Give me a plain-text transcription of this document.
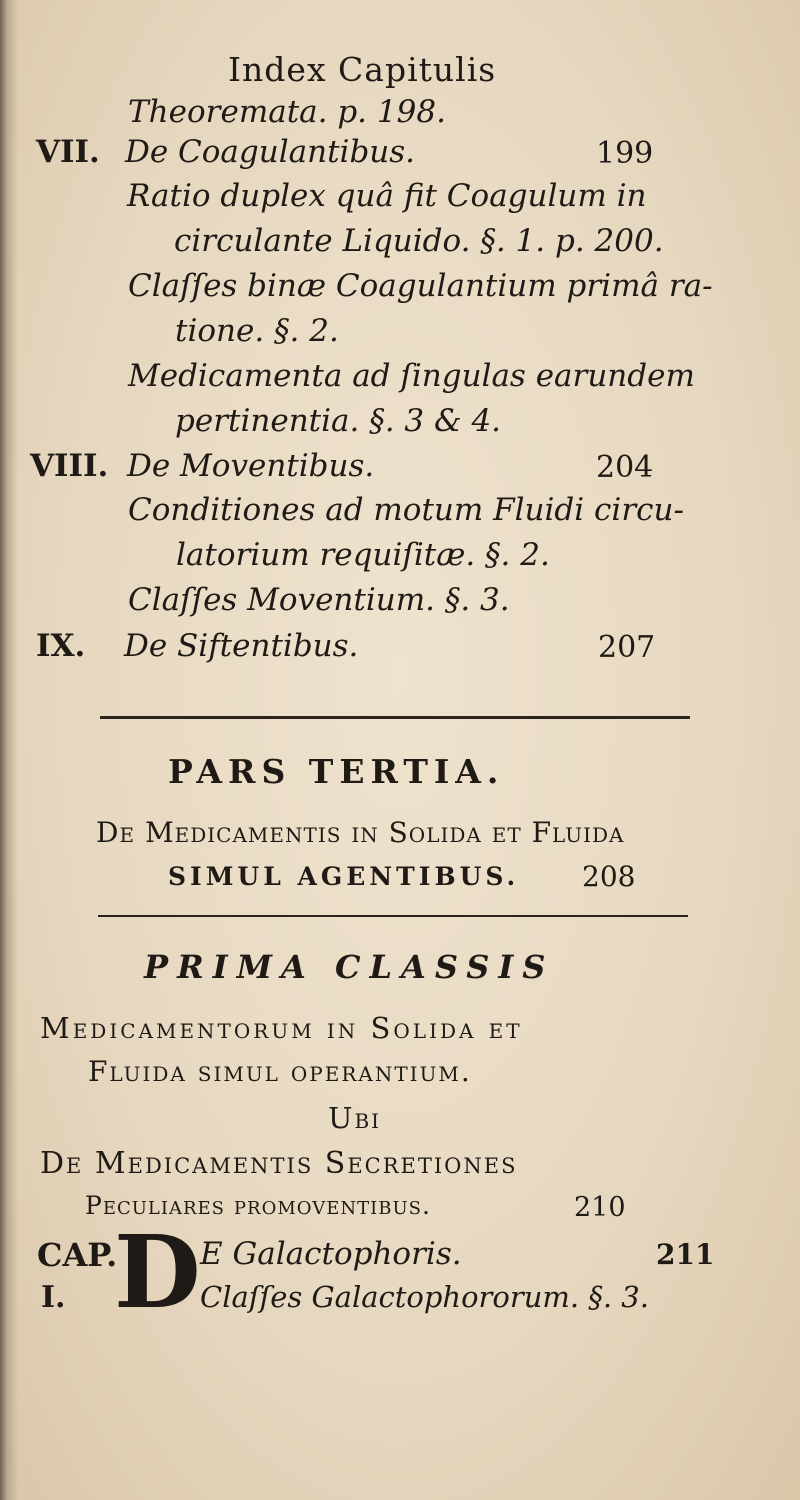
Index Capitulis
Theoremata. p. 198.
VII. De Coagulantibus.	199
Ratio duplex quâ fit Coagulum in
circulante Liquido. §. 1. p. 200.
Claſſes binæ Coagulantium primâ ra-
tione. §. 2.
Medicamenta ad ſingulas earundem
pertinentia. §. 3 & 4.
VIII. De Moventibus.	204
Conditiones ad motum Fluidi circu-
latorium requiſitæ. §. 2.
Claſſes Moventium. §. 3.
IX. De Siftentibus.	207
PARS TERTIA.
De Medicamentis in Solida et Fluida
SIMUL AGENTIBUS. 208
PRIMA CLASSIS
Medicamentorum in Solida et
Fluida simul operantium.
Ubi
De Medicamentis Secretiones
Peculiares promoventibus.	210
CAP.
I. D E Galactophoris.	211
Claſſes Galactophororum. §. 3.
